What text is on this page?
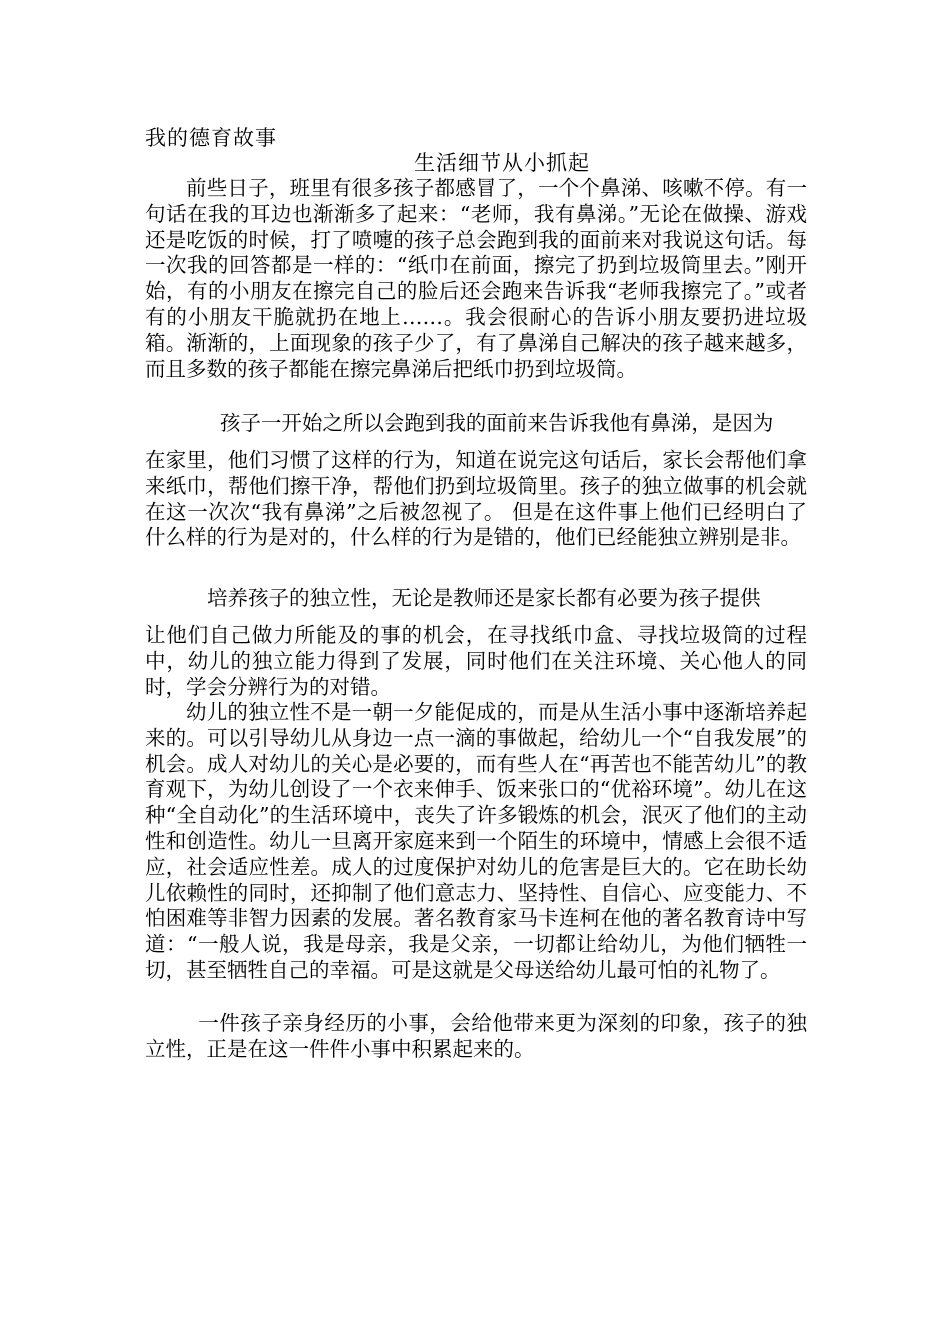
我的德育故事
生活细节从小抓起

前些日子，班里有很多孩子都感冒了，一个个鼻涕、咳嗽不停。有一句话在我的耳边也渐渐多了起来：“老师，我有鼻涕。”无论在做操、游戏还是吃饭的时候，打了喷嚏的孩子总会跑到我的面前来对我说这句话。每一次我的回答都是一样的：“纸巾在前面，擦完了扔到垃圾筒里去。”刚开始，有的小朋友在擦完自己的脸后还会跑来告诉我“老师我擦完了。”或者有的小朋友干脆就扔在地上……。我会很耐心的告诉小朋友要扔进垃圾箱。渐渐的，上面现象的孩子少了，有了鼻涕自己解决的孩子越来越多，而且多数的孩子都能在擦完鼻涕后把纸巾扔到垃圾筒。

孩子一开始之所以会跑到我的面前来告诉我他有鼻涕，是因为

在家里，他们习惯了这样的行为，知道在说完这句话后，家长会帮他们拿来纸巾，帮他们擦干净，帮他们扔到垃圾筒里。孩子的独立做事的机会就在这一次次“我有鼻涕”之后被忽视了。 但是在这件事上他们已经明白了什么样的行为是对的，什么样的行为是错的，他们已经能独立辨别是非。

培养孩子的独立性，无论是教师还是家长都有必要为孩子提供

让他们自己做力所能及的事的机会，在寻找纸巾盒、寻找垃圾筒的过程中，幼儿的独立能力得到了发展，同时他们在关注环境、关心他人的同时，学会分辨行为的对错。

幼儿的独立性不是一朝一夕能促成的，而是从生活小事中逐渐培养起来的。可以引导幼儿从身边一点一滴的事做起，给幼儿一个“自我发展”的机会。成人对幼儿的关心是必要的，而有些人在“再苦也不能苦幼儿”的教育观下，为幼儿创设了一个衣来伸手、饭来张口的“优裕环境”。幼儿在这种“全自动化”的生活环境中，丧失了许多锻炼的机会，泯灭了他们的主动性和创造性。幼儿一旦离开家庭来到一个陌生的环境中，情感上会很不适应，社会适应性差。成人的过度保护对幼儿的危害是巨大的。它在助长幼儿依赖性的同时，还抑制了他们意志力、坚持性、自信心、应变能力、不怕困难等非智力因素的发展。著名教育家马卡连柯在他的著名教育诗中写道：“一般人说，我是母亲，我是父亲，一切都让给幼儿，为他们牺牲一切，甚至牺牲自己的幸福。可是这就是父母送给幼儿最可怕的礼物了。

一件孩子亲身经历的小事，会给他带来更为深刻的印象，孩子的独立性，正是在这一件件小事中积累起来的。
